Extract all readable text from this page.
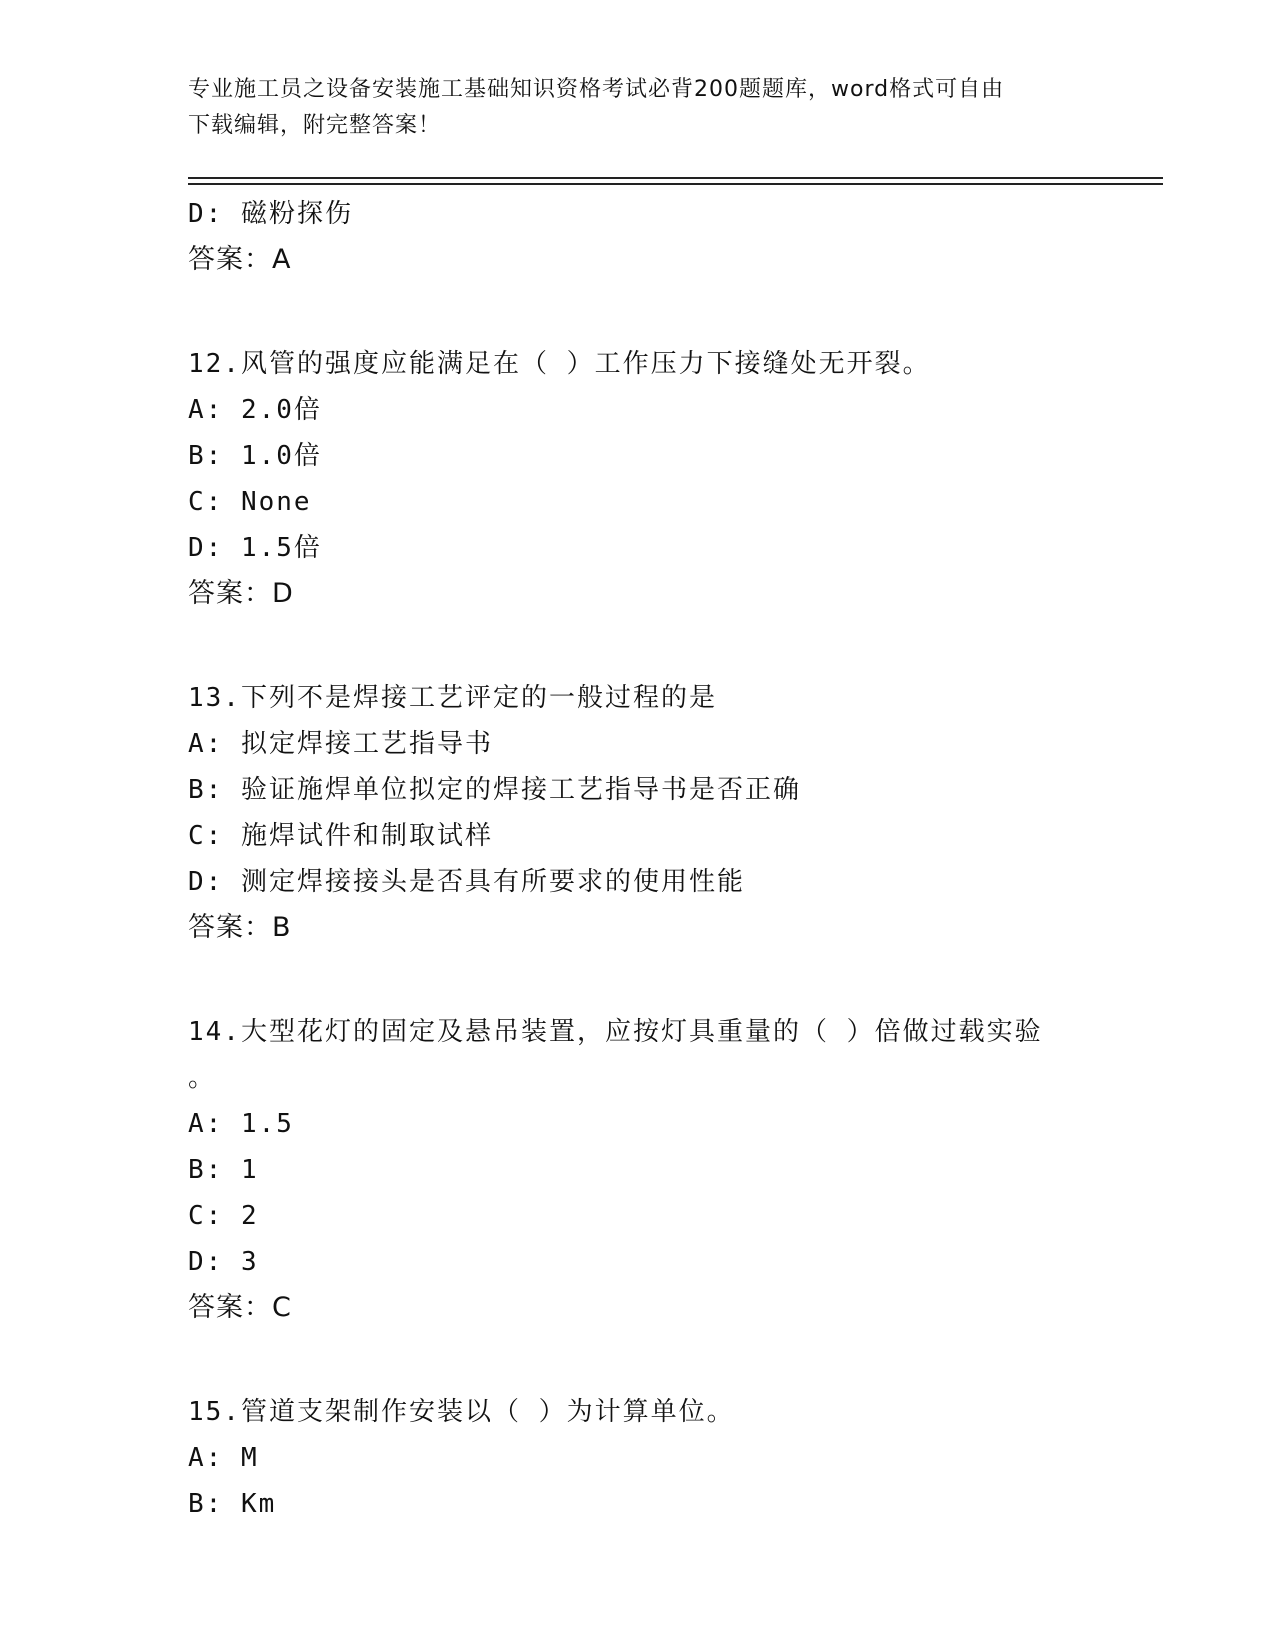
专业施工员之设备安装施工基础知识资格考试必背200题题库，word格式可自由
下载编辑，附完整答案！
D: 磁粉探伤
答案：A
12.风管的强度应能满足在（ ）工作压力下接缝处无开裂。
A: 2.0倍
B: 1.0倍
C: None
D: 1.5倍
答案：D
13.下列不是焊接工艺评定的一般过程的是
A: 拟定焊接工艺指导书
B: 验证施焊单位拟定的焊接工艺指导书是否正确
C: 施焊试件和制取试样
D: 测定焊接接头是否具有所要求的使用性能
答案：B
14.大型花灯的固定及悬吊装置，应按灯具重量的（ ）倍做过载实验
。
A: 1.5
B: 1
C: 2
D: 3
答案：C
15.管道支架制作安装以（ ）为计算单位。
A: M
B: Km
